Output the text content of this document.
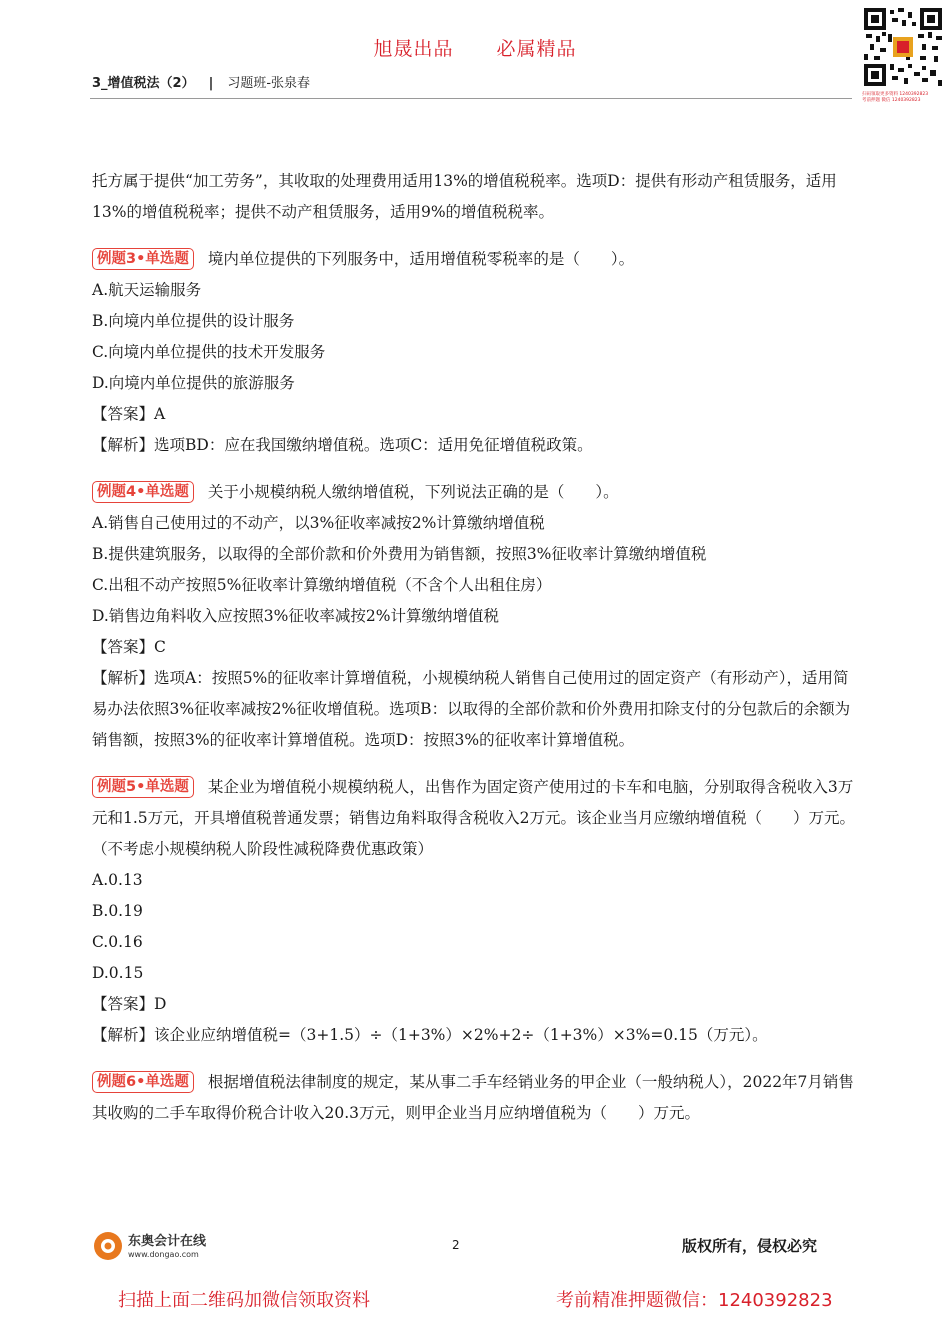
旭晟出品 必属精品
3_增值税法（2） | 习题班-张泉春
扫码领取更多资料 1240392823
考前押题 微信 1240392823

托方属于提供“加工劳务”，其收取的处理费用适用13%的增值税税率。选项D：提供有形动产租赁服务，适用13%的增值税税率；提供不动产租赁服务，适用9%的增值税税率。

例题3•单选题 境内单位提供的下列服务中，适用增值税零税率的是（　　）。

A.航天运输服务

B.向境内单位提供的设计服务

C.向境内单位提供的技术开发服务

D.向境内单位提供的旅游服务

【答案】A

【解析】选项BD：应在我国缴纳增值税。选项C：适用免征增值税政策。

例题4•单选题 关于小规模纳税人缴纳增值税，下列说法正确的是（　　）。

A.销售自己使用过的不动产，以3%征收率减按2%计算缴纳增值税

B.提供建筑服务，以取得的全部价款和价外费用为销售额，按照3%征收率计算缴纳增值税

C.出租不动产按照5%征收率计算缴纳增值税（不含个人出租住房）

D.销售边角料收入应按照3%征收率减按2%计算缴纳增值税

【答案】C

【解析】选项A：按照5%的征收率计算增值税，小规模纳税人销售自己使用过的固定资产（有形动产），适用简易办法依照3%征收率减按2%征收增值税。选项B：以取得的全部价款和价外费用扣除支付的分包款后的余额为销售额，按照3%的征收率计算增值税。选项D：按照3%的征收率计算增值税。

例题5•单选题 某企业为增值税小规模纳税人，出售作为固定资产使用过的卡车和电脑，分别取得含税收入3万元和1.5万元，开具增值税普通发票；销售边角料取得含税收入2万元。该企业当月应缴纳增值税（　　）万元。（不考虑小规模纳税人阶段性减税降费优惠政策）

A.0.13

B.0.19

C.0.16

D.0.15

【答案】D

【解析】该企业应纳增值税=（3+1.5）÷（1+3%）×2%+2÷（1+3%）×3%=0.15（万元）。

例题6•单选题 根据增值税法律制度的规定，某从事二手车经销业务的甲企业（一般纳税人），2022年7月销售其收购的二手车取得价税合计收入20.3万元，则甲企业当月应纳增值税为（　　）万元。

东奥会计在线
www.dongao.com
2	版权所有，侵权必究
扫描上面二维码加微信领取资料	考前精准押题微信：1240392823
